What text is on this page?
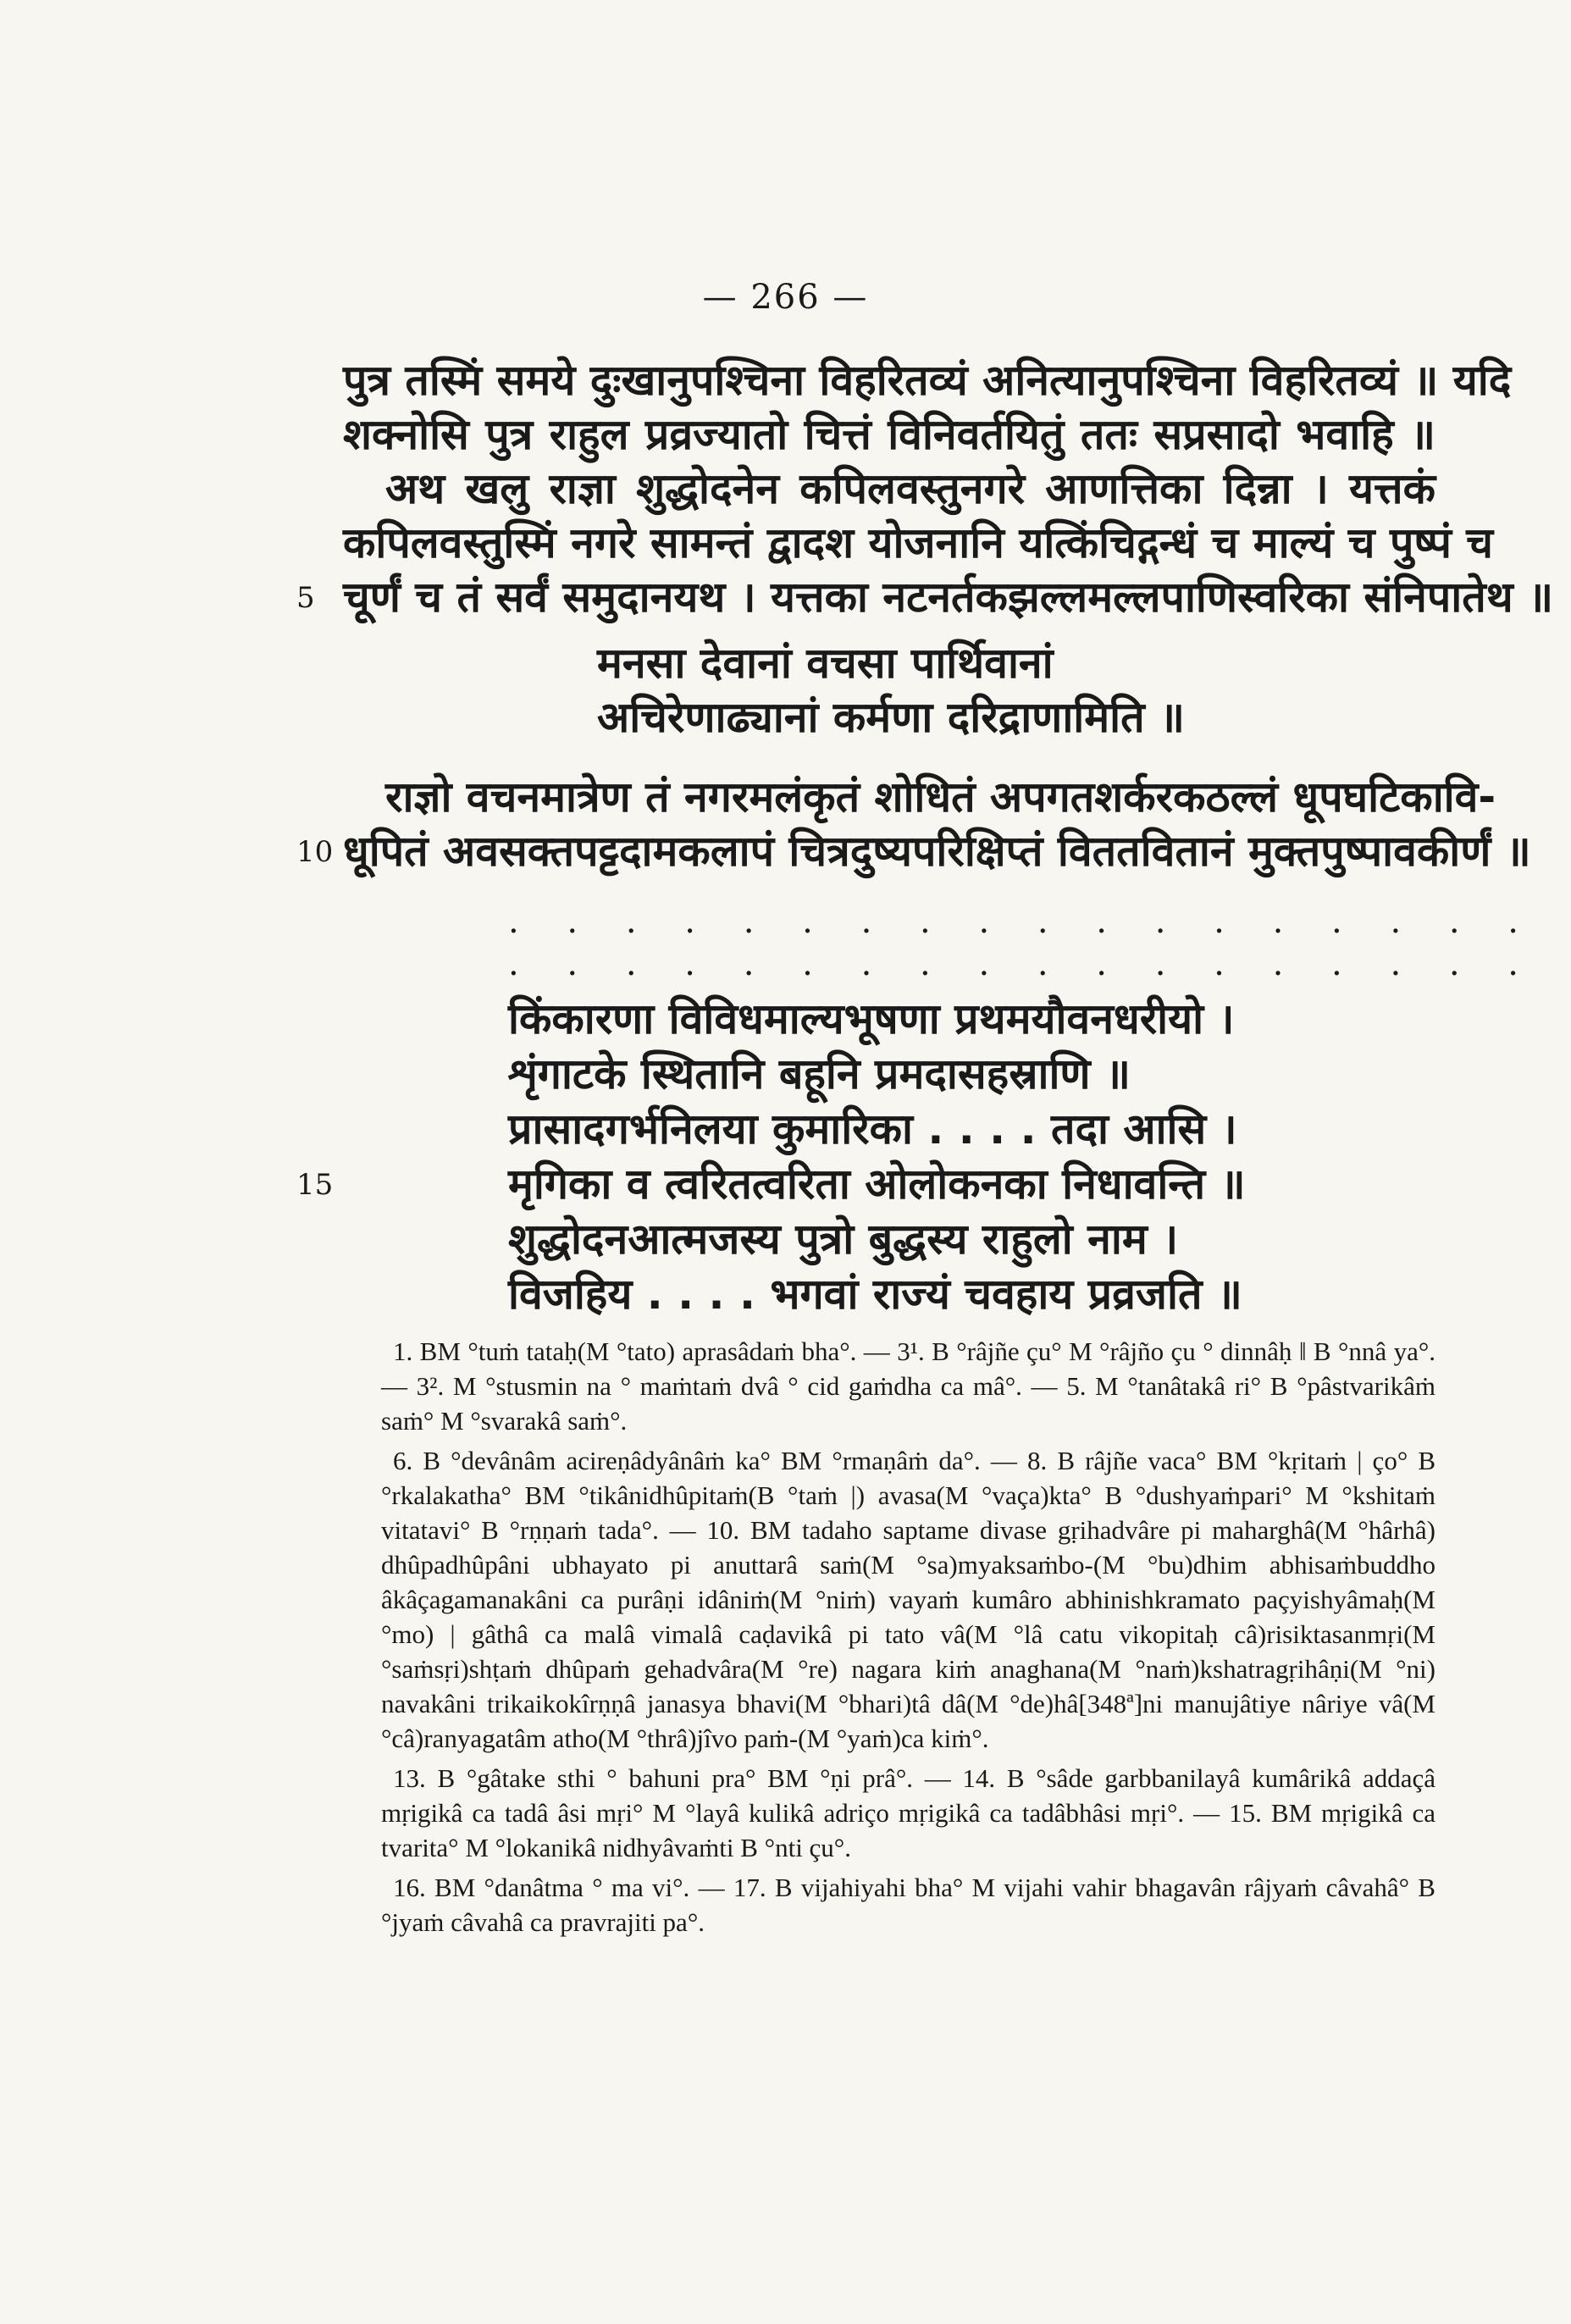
— 266 —
पुत्र तस्मिं समये दुःखानुपश्चिना विहरितव्यं अनित्यानुपश्चिना विहरितव्यं ॥ यदि
शक्नोसि पुत्र राहुल प्रव्रज्यातो चित्तं विनिवर्तयितुं ततः सप्रसादो भवाहि ॥
अथ खलु राज्ञा शुद्धोदनेन कपिलवस्तुनगरे आणत्तिका दिन्ना । यत्तकं
कपिलवस्तुस्मिं नगरे सामन्तं द्वादश योजनानि यत्किंचिद्गन्धं च माल्यं च पुष्पं च
चूर्णं च तं सर्वं समुदानयथ । यत्तका नटनर्तकझल्लमल्लपाणिस्वरिका संनिपातेथ ॥
5
मनसा देवानां वचसा पार्थिवानां
अचिरेणाढ्यानां कर्मणा दरिद्राणामिति ॥
राज्ञो वचनमात्रेण तं नगरमलंकृतं शोधितं अपगतशर्करकठल्लं धूपघटिकावि-
धूपितं अवसक्तपट्टदामकलापं चित्रदुष्यपरिक्षिप्तं विततवितानं मुक्तपुष्पावकीर्णं ॥
10
. . . . . . . . . . . . . . . . . .
. . . . . . . . . . . . . . . . . .
किंकारणा विविधमाल्यभूषणा प्रथमयौवनधरीयो ।
शृंगाटके स्थितानि बहूनि प्रमदासहस्राणि ॥
प्रासादगर्भनिलया कुमारिका . . . . तदा आसि ।
मृगिका व त्वरितत्वरिता ओलोकनका निधावन्ति ॥
15
शुद्धोदनआत्मजस्य पुत्रो बुद्धस्य राहुलो नाम ।
विजहिय . . . . भगवां राज्यं चवहाय प्रव्रजति ॥

1. BM °tuṁ tataḥ(M °tato) aprasâdaṁ bha°. — 3¹. B °râjñe çu° M °râjño çu ° dinnâḥ ‖ B °nnâ ya°. — 3². M °stusmin na ° maṁtaṁ dvâ ° cid gaṁdha ca mâ°. — 5. M °tanâtakâ ri° B °pâstvarikâṁ saṁ° M °svarakâ saṁ°.

6. B °devânâm acireṇâdyânâṁ ka° BM °rmaṇâṁ da°. — 8. B râjñe vaca° BM °kṛitaṁ | ço° B °rkalakatha° BM °tikânidhûpitaṁ(B °taṁ |) avasa(M °vaça)kta° B °dushyaṁpari° M °kshitaṁ vitatavi° B °rṇṇaṁ tada°. — 10. BM tadaho saptame divase gṛihadvâre pi maharghâ(M °hârhâ) dhûpadhûpâni ubhayato pi anuttarâ saṁ(M °sa)myaksaṁbo-(M °bu)dhim abhisaṁbuddho âkâçagamanakâni ca purâṇi idâniṁ(M °niṁ) vayaṁ kumâro abhinishkramato paçyishyâmaḥ(M °mo) | gâthâ ca malâ vimalâ caḍavikâ pi tato vâ(M °lâ catu vikopitaḥ câ)risiktasanmṛi(M °saṁsṛi)shṭaṁ dhûpaṁ gehadvâra(M °re) nagara kiṁ anaghana(M °naṁ)kshatragṛihâṇi(M °ni) navakâni trikaikokîrṇṇâ janasya bhavi(M °bhari)tâ dâ(M °de)hâ[348ª]ni manujâtiye nâriye vâ(M °câ)ranyagatâm atho(M °thrâ)jîvo paṁ-(M °yaṁ)ca kiṁ°.

13. B °gâtake sthi ° bahuni pra° BM °ṇi prâ°. — 14. B °sâde garbbanilayâ kumârikâ addaçâ mṛigikâ ca tadâ âsi mṛi° M °layâ kulikâ adriço mṛigikâ ca tadâbhâsi mṛi°. — 15. BM mṛigikâ ca tvarita° M °lokanikâ nidhyâvaṁti B °nti çu°.

16. BM °danâtma ° ma vi°. — 17. B vijahiyahi bha° M vijahi vahir bhagavân râjyaṁ câvahâ° B °jyaṁ câvahâ ca pravrajiti pa°.
